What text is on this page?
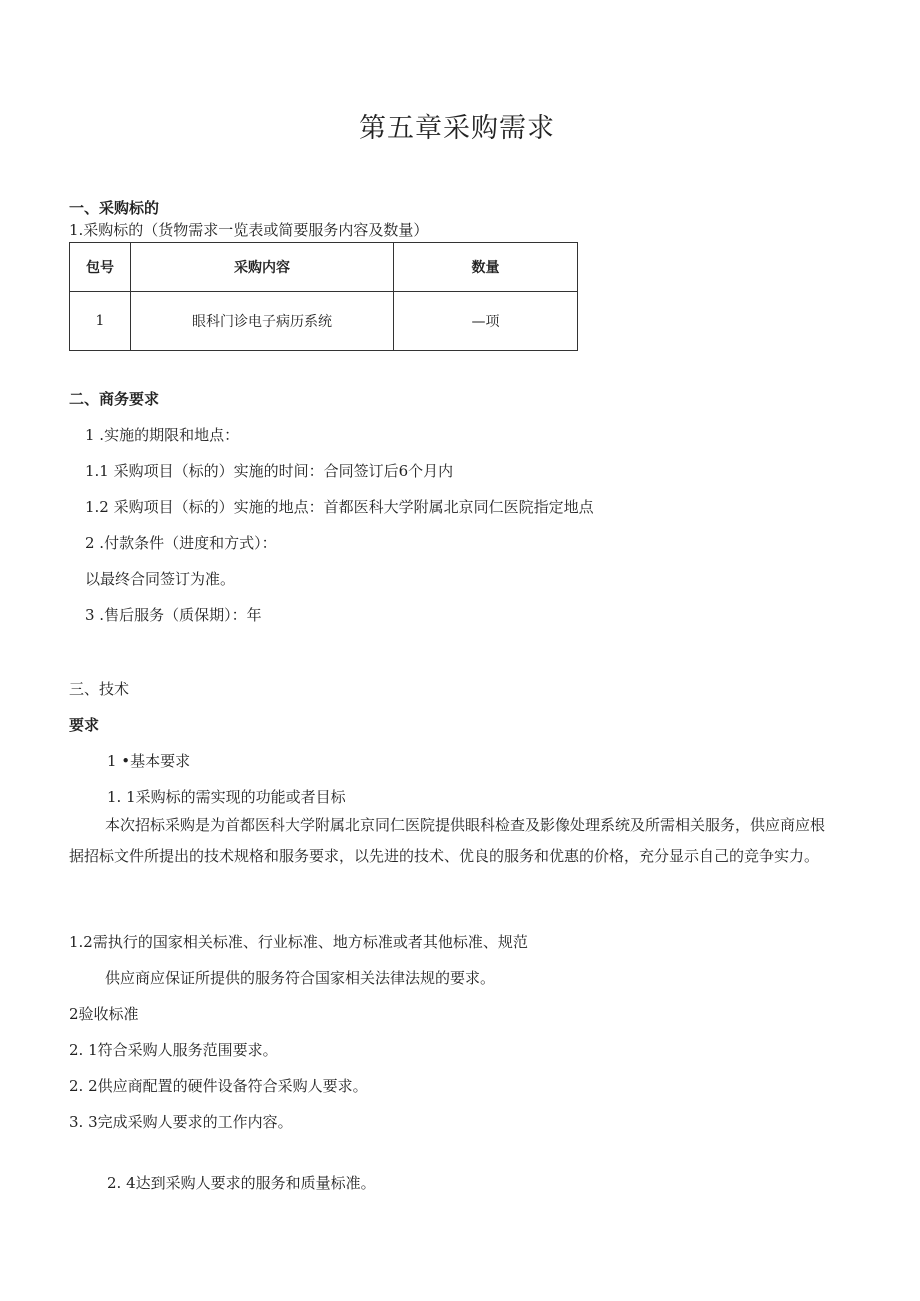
第五章采购需求
一、采购标的
1.采购标的（货物需求一览表或简要服务内容及数量）
包号	采购内容	数量
1	眼科门诊电子病历系统	—项
二、商务要求
1 .实施的期限和地点：
1.1 采购项目（标的）实施的时间：合同签订后6个月内
1.2 采购项目（标的）实施的地点：首都医科大学附属北京同仁医院指定地点
2 .付款条件（进度和方式）：
以最终合同签订为准。
3 .售后服务（质保期）：年
三、技术
要求
1 •基本要求
1. 1采购标的需实现的功能或者目标
本次招标采购是为首都医科大学附属北京同仁医院提供眼科检查及影像处理系统及所需相关服务，供应商应根据招标文件所提出的技术规格和服务要求，以先进的技术、优良的服务和优惠的价格，充分显示自己的竞争实力。
1.2需执行的国家相关标准、行业标准、地方标准或者其他标准、规范
供应商应保证所提供的服务符合国家相关法律法规的要求。
2验收标准
2. 1符合采购人服务范围要求。
2. 2供应商配置的硬件设备符合采购人要求。
3. 3完成采购人要求的工作内容。
2. 4达到采购人要求的服务和质量标准。
